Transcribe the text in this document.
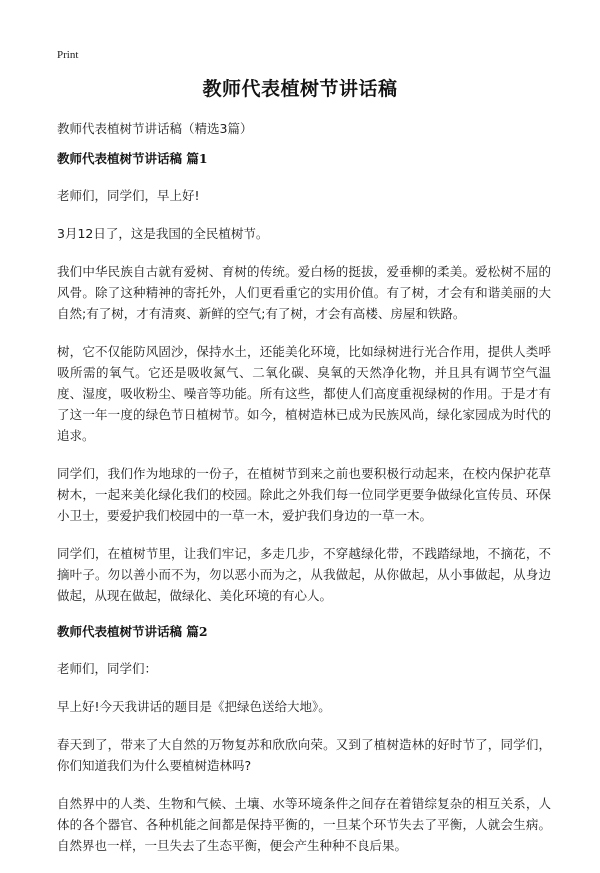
Print
教师代表植树节讲话稿
教师代表植树节讲话稿（精选3篇）
教师代表植树节讲话稿 篇1

老师们，同学们，早上好!

3月12日了，这是我国的全民植树节。

我们中华民族自古就有爱树、育树的传统。爱白杨的挺拔，爱垂柳的柔美。爱松树不屈的风骨。除了这种精神的寄托外，人们更看重它的实用价值。有了树，才会有和谐美丽的大自然;有了树，才有清爽、新鲜的空气;有了树，才会有高楼、房屋和铁路。

树，它不仅能防风固沙，保持水土，还能美化环境，比如绿树进行光合作用，提供人类呼吸所需的氧气。它还是吸收氮气、二氧化碳、臭氧的天然净化物，并且具有调节空气温度、湿度，吸收粉尘、噪音等功能。所有这些，都使人们高度重视绿树的作用。于是才有了这一年一度的绿色节日植树节。如今，植树造林已成为民族风尚，绿化家园成为时代的追求。

同学们，我们作为地球的一份子，在植树节到来之前也要积极行动起来，在校内保护花草树木，一起来美化绿化我们的校园。除此之外我们每一位同学更要争做绿化宣传员、环保小卫士，要爱护我们校园中的一草一木，爱护我们身边的一草一木。

同学们，在植树节里，让我们牢记，多走几步，不穿越绿化带，不践踏绿地，不摘花，不摘叶子。勿以善小而不为，勿以恶小而为之，从我做起，从你做起，从小事做起，从身边做起，从现在做起，做绿化、美化环境的有心人。

教师代表植树节讲话稿 篇2

老师们，同学们：

早上好!今天我讲话的题目是《把绿色送给大地》。

春天到了，带来了大自然的万物复苏和欣欣向荣。又到了植树造林的好时节了，同学们，你们知道我们为什么要植树造林吗?

自然界中的人类、生物和气候、土壤、水等环境条件之间存在着错综复杂的相互关系，人体的各个器官、各种机能之间都是保持平衡的，一旦某个环节失去了平衡，人就会生病。自然界也一样，一旦失去了生态平衡，便会产生种种不良后果。
